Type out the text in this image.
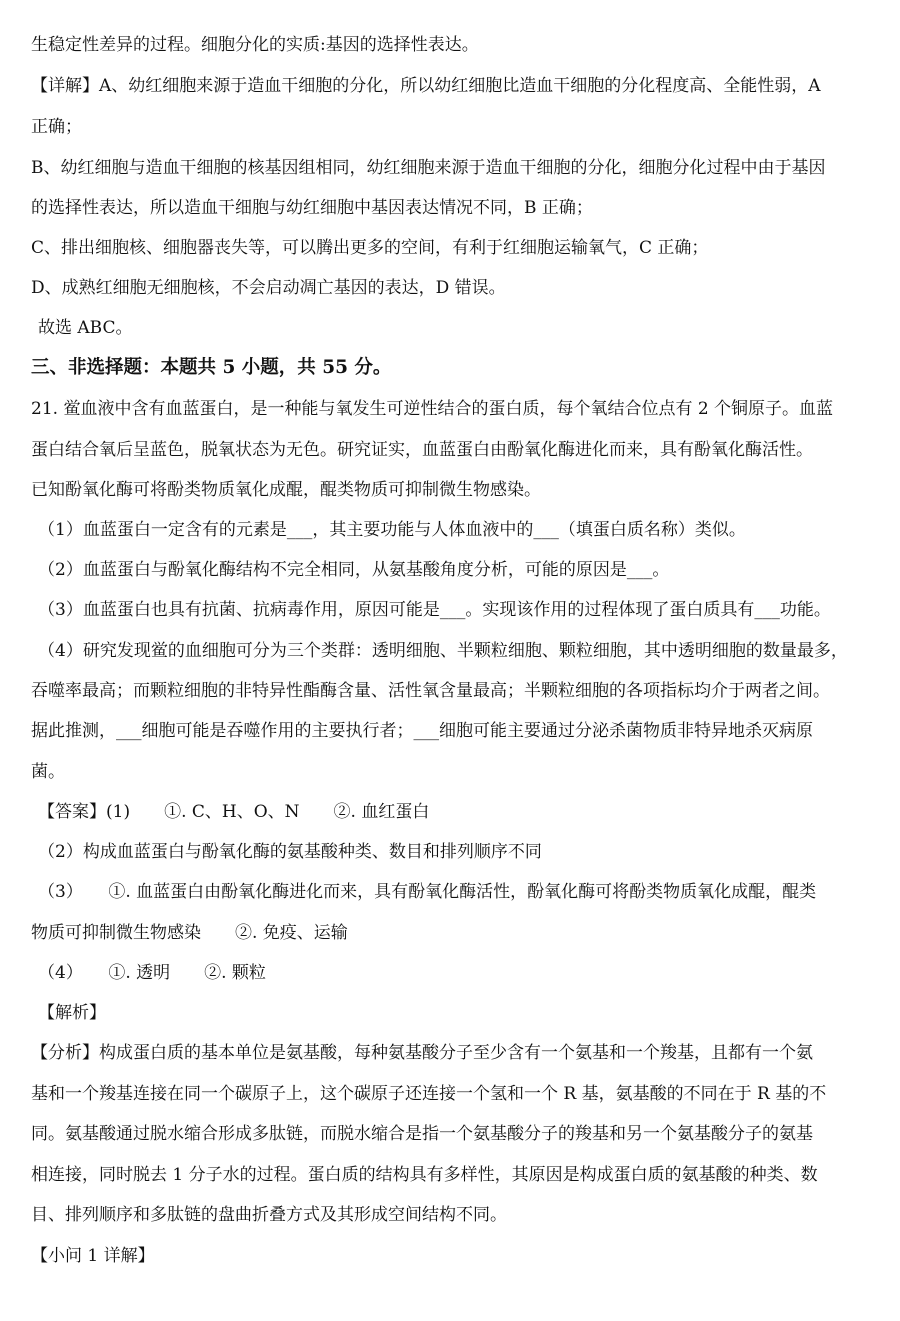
生稳定性差异的过程。细胞分化的实质:基因的选择性表达。
【详解】A、幼红细胞来源于造血干细胞的分化，所以幼红细胞比造血干细胞的分化程度高、全能性弱，A
正确；
B、幼红细胞与造血干细胞的核基因组相同，幼红细胞来源于造血干细胞的分化，细胞分化过程中由于基因
的选择性表达，所以造血干细胞与幼红细胞中基因表达情况不同，B 正确；
C、排出细胞核、细胞器丧失等，可以腾出更多的空间，有利于红细胞运输氧气，C 正确；
D、成熟红细胞无细胞核，不会启动凋亡基因的表达，D 错误。
故选 ABC。
三、非选择题：本题共 5 小题，共 55 分。
21. 鲎血液中含有血蓝蛋白，是一种能与氧发生可逆性结合的蛋白质，每个氧结合位点有 2 个铜原子。血蓝
蛋白结合氧后呈蓝色，脱氧状态为无色。研究证实，血蓝蛋白由酚氧化酶进化而来，具有酚氧化酶活性。
已知酚氧化酶可将酚类物质氧化成醌，醌类物质可抑制微生物感染。
（1）血蓝蛋白一定含有的元素是___，其主要功能与人体血液中的___（填蛋白质名称）类似。
（2）血蓝蛋白与酚氧化酶结构不完全相同，从氨基酸角度分析，可能的原因是___。
（3）血蓝蛋白也具有抗菌、抗病毒作用，原因可能是___。实现该作用的过程体现了蛋白质具有___功能。
（4）研究发现鲎的血细胞可分为三个类群：透明细胞、半颗粒细胞、颗粒细胞，其中透明细胞的数量最多，
吞噬率最高；而颗粒细胞的非特异性酯酶含量、活性氧含量最高；半颗粒细胞的各项指标均介于两者之间。
据此推测，___细胞可能是吞噬作用的主要执行者；___细胞可能主要通过分泌杀菌物质非特异地杀灭病原
菌。
【答案】(1)　　①. C、H、O、N　　②. 血红蛋白
（2）构成血蓝蛋白与酚氧化酶的氨基酸种类、数目和排列顺序不同
（3）　　①. 血蓝蛋白由酚氧化酶进化而来，具有酚氧化酶活性，酚氧化酶可将酚类物质氧化成醌，醌类
物质可抑制微生物感染　　②. 免疫、运输
（4）　　①. 透明　　②. 颗粒
【解析】
【分析】构成蛋白质的基本单位是氨基酸，每种氨基酸分子至少含有一个氨基和一个羧基，且都有一个氨
基和一个羧基连接在同一个碳原子上，这个碳原子还连接一个氢和一个 R 基，氨基酸的不同在于 R 基的不
同。氨基酸通过脱水缩合形成多肽链，而脱水缩合是指一个氨基酸分子的羧基和另一个氨基酸分子的氨基
相连接，同时脱去 1 分子水的过程。蛋白质的结构具有多样性，其原因是构成蛋白质的氨基酸的种类、数
目、排列顺序和多肽链的盘曲折叠方式及其形成空间结构不同。
【小问 1 详解】
